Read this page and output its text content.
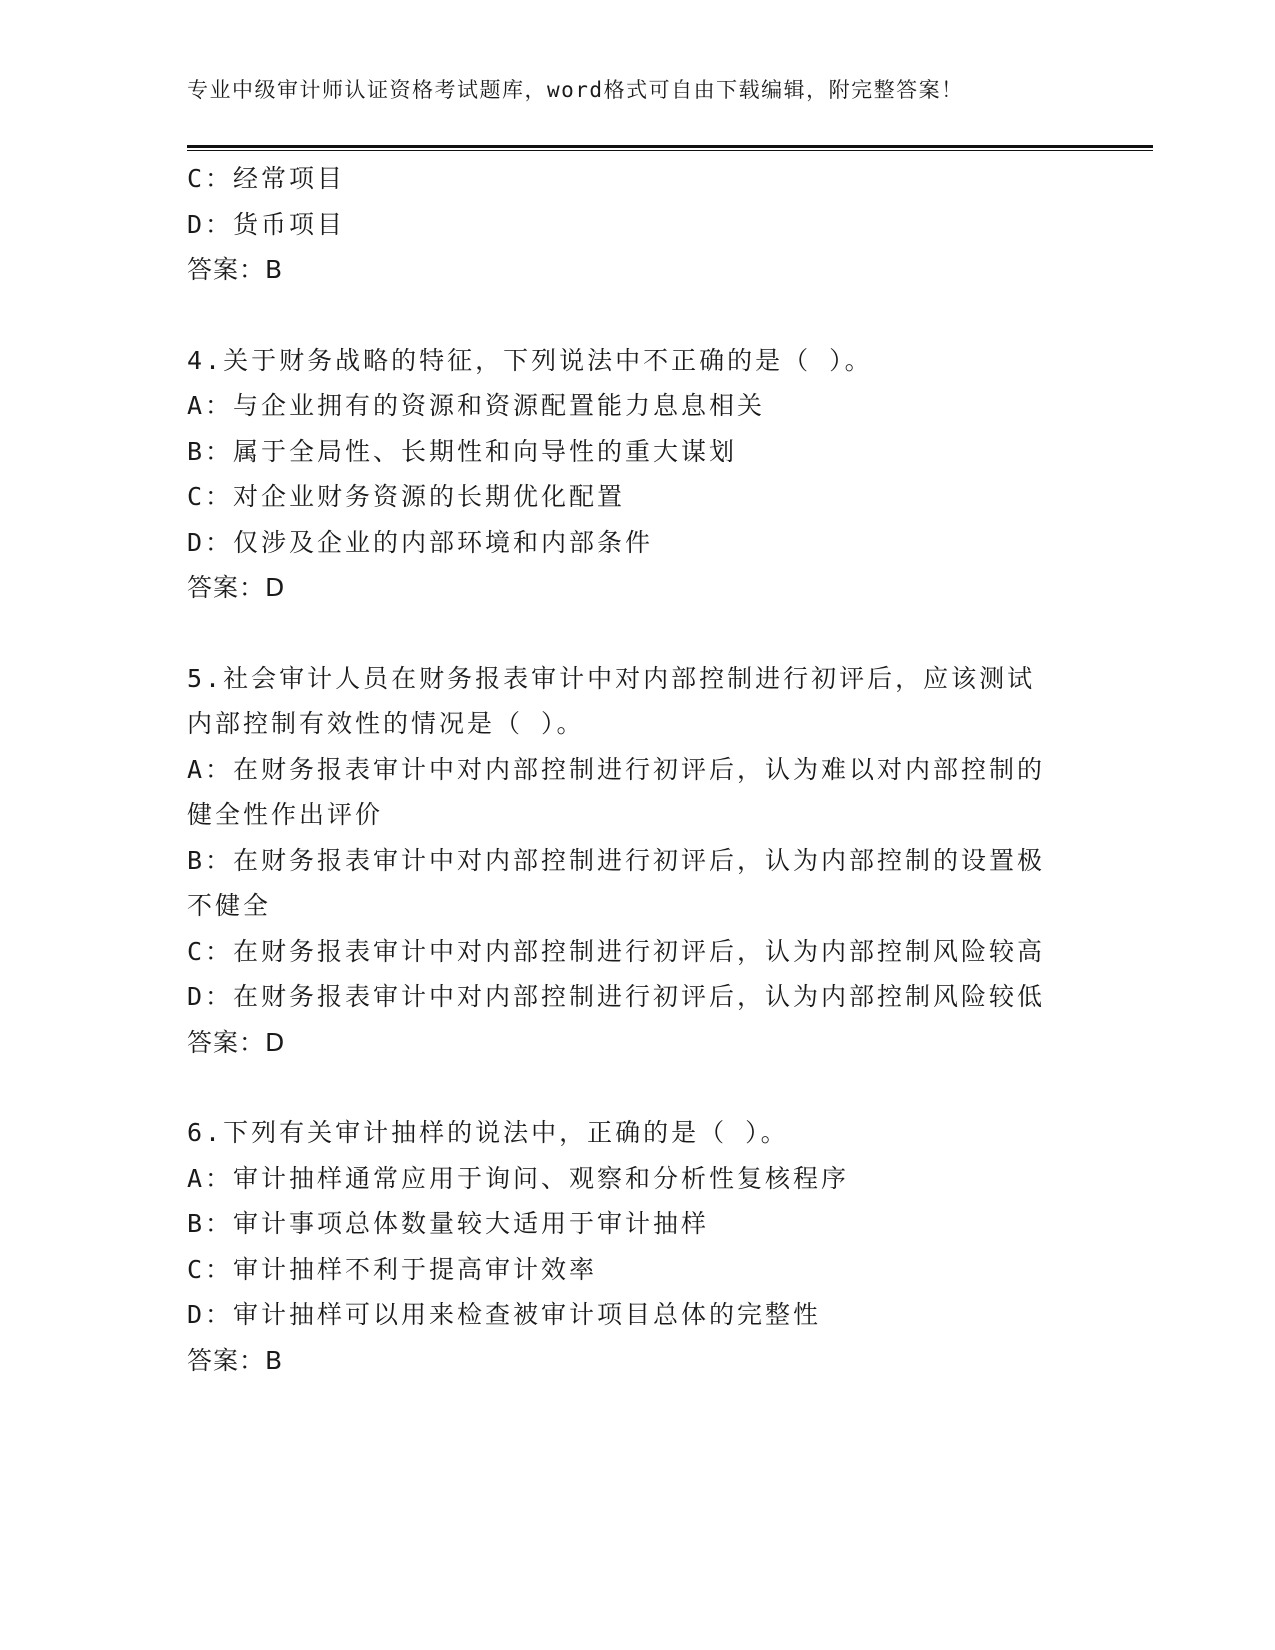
专业中级审计师认证资格考试题库，word格式可自由下载编辑，附完整答案！
C：经常项目
D：货币项目
答案：B
4.关于财务战略的特征，下列说法中不正确的是（ ）。
A：与企业拥有的资源和资源配置能力息息相关
B：属于全局性、长期性和向导性的重大谋划
C：对企业财务资源的长期优化配置
D：仅涉及企业的内部环境和内部条件
答案：D
5.社会审计人员在财务报表审计中对内部控制进行初评后，应该测试
内部控制有效性的情况是（ ）。
A：在财务报表审计中对内部控制进行初评后，认为难以对内部控制的
健全性作出评价
B：在财务报表审计中对内部控制进行初评后，认为内部控制的设置极
不健全
C：在财务报表审计中对内部控制进行初评后，认为内部控制风险较高
D：在财务报表审计中对内部控制进行初评后，认为内部控制风险较低
答案：D
6.下列有关审计抽样的说法中，正确的是（ ）。
A：审计抽样通常应用于询问、观察和分析性复核程序
B：审计事项总体数量较大适用于审计抽样
C：审计抽样不利于提高审计效率
D：审计抽样可以用来检查被审计项目总体的完整性
答案：B
